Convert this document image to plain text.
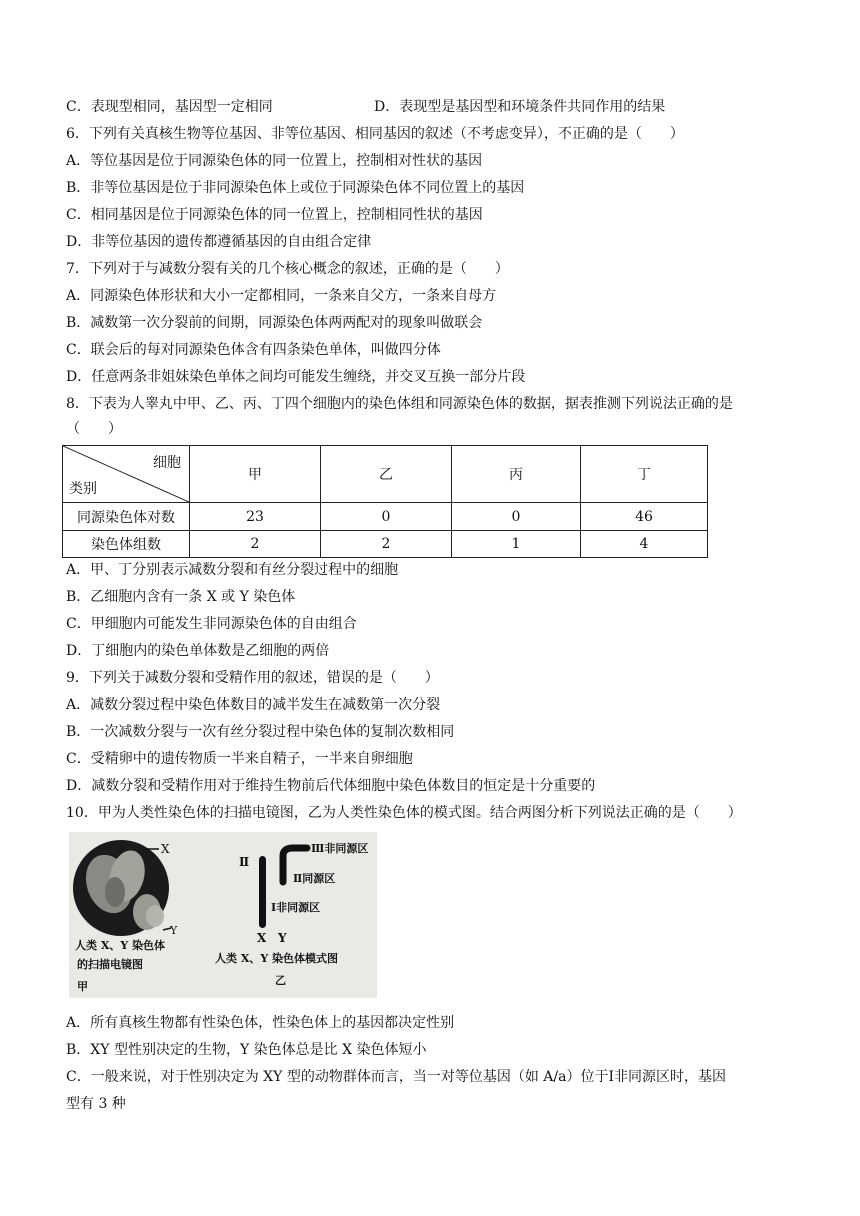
C．表现型相同，基因型一定相同	D．表现型是基因型和环境条件共同作用的结果
6．下列有关真核生物等位基因、非等位基因、相同基因的叙述（不考虑变异），不正确的是（　　）
A．等位基因是位于同源染色体的同一位置上，控制相对性状的基因
B．非等位基因是位于非同源染色体上或位于同源染色体不同位置上的基因
C．相同基因是位于同源染色体的同一位置上，控制相同性状的基因
D．非等位基因的遗传都遵循基因的自由组合定律
7．下列对于与减数分裂有关的几个核心概念的叙述，正确的是（　　）
A．同源染色体形状和大小一定都相同，一条来自父方，一条来自母方
B．减数第一次分裂前的间期，同源染色体两两配对的现象叫做联会
C．联会后的每对同源染色体含有四条染色单体，叫做四分体
D．任意两条非姐妹染色单体之间均可能发生缠绕，并交叉互换一部分片段
8．下表为人睾丸中甲、乙、丙、丁四个细胞内的染色体组和同源染色体的数据，据表推测下列说法正确的是
（　　）
细胞
类别	甲	乙	丙	丁
同源染色体对数	23	0	0	46
染色体组数	2	2	1	4
A．甲、丁分别表示减数分裂和有丝分裂过程中的细胞
B．乙细胞内含有一条 X 或 Y 染色体
C．甲细胞内可能发生非同源染色体的自由组合
D．丁细胞内的染色单体数是乙细胞的两倍
9．下列关于减数分裂和受精作用的叙述，错误的是（　　）
A．减数分裂过程中染色体数目的减半发生在减数第一次分裂
B．一次减数分裂与一次有丝分裂过程中染色体的复制次数相同
C．受精卵中的遗传物质一半来自精子，一半来自卵细胞
D．减数分裂和受精作用对于维持生物前后代体细胞中染色体数目的恒定是十分重要的
10．甲为人类性染色体的扫描电镜图，乙为人类性染色体的模式图。结合两图分析下列说法正确的是（　　）
X
Y
人类 X、Y 染色体
的扫描电镜图
甲
Ⅱ
Ⅲ非同源区
Ⅱ同源区
Ⅰ非同源区
X Y
人类 X、Y 染色体模式图
乙
A．所有真核生物都有性染色体，性染色体上的基因都决定性别
B．XY 型性别决定的生物，Y 染色体总是比 X 染色体短小
C．一般来说，对于性别决定为 XY 型的动物群体而言，当一对等位基因（如 A/a）位于Ⅰ非同源区时，基因
型有 3 种
